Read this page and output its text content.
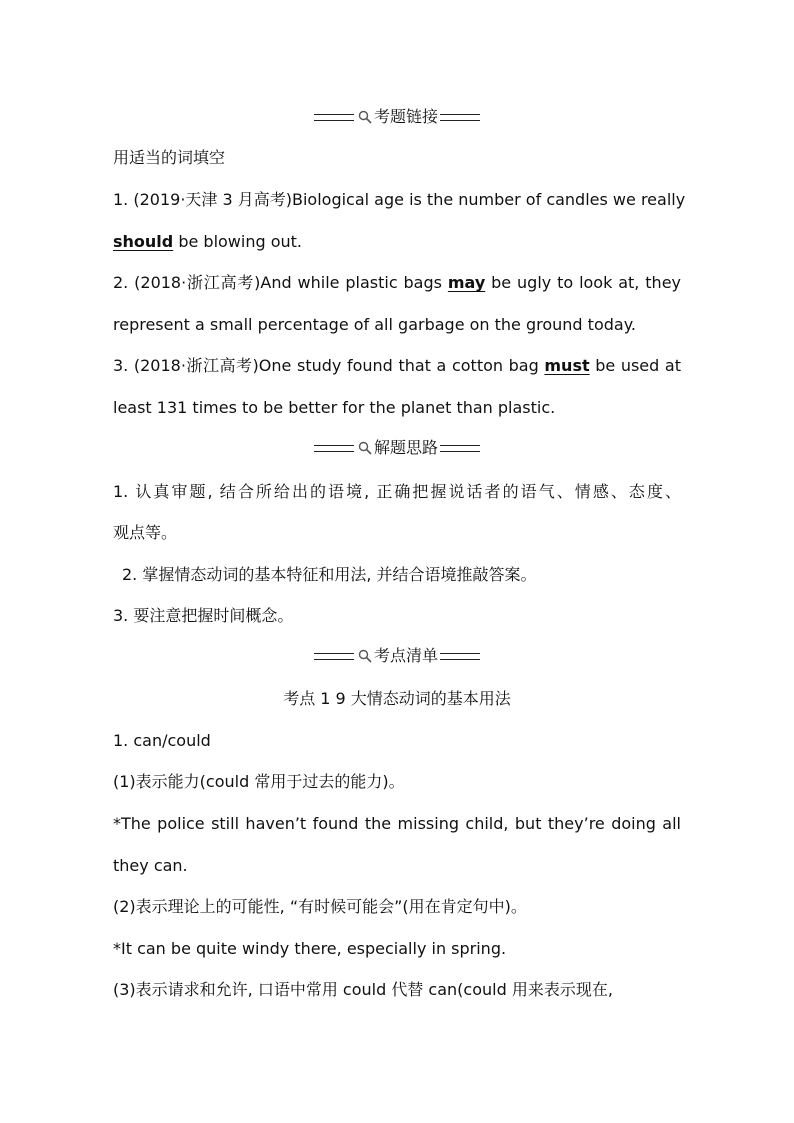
考题链接
用适当的词填空
1. (2019·天津 3 月高考)Biological age is the number of candles we really
should be blowing out.
2. (2018·浙江高考)And while plastic bags may be ugly to look at, they
represent a small percentage of all garbage on the ground today.
3. (2018·浙江高考)One study found that a cotton bag must be used at
least 131 times to be better for the planet than plastic.
解题思路
1. 认真审题, 结合所给出的语境, 正确把握说话者的语气、情感、态度、
观点等。
2. 掌握情态动词的基本特征和用法, 并结合语境推敲答案。
3. 要注意把握时间概念。
考点清单
考点 1 9 大情态动词的基本用法
1. can/could
(1)表示能力(could 常用于过去的能力)。
*The police still haven’t found the missing child, but they’re doing all
they can.
(2)表示理论上的可能性, “有时候可能会”(用在肯定句中)。
*It can be quite windy there, especially in spring.
(3)表示请求和允许, 口语中常用 could 代替 can(could 用来表示现在,
